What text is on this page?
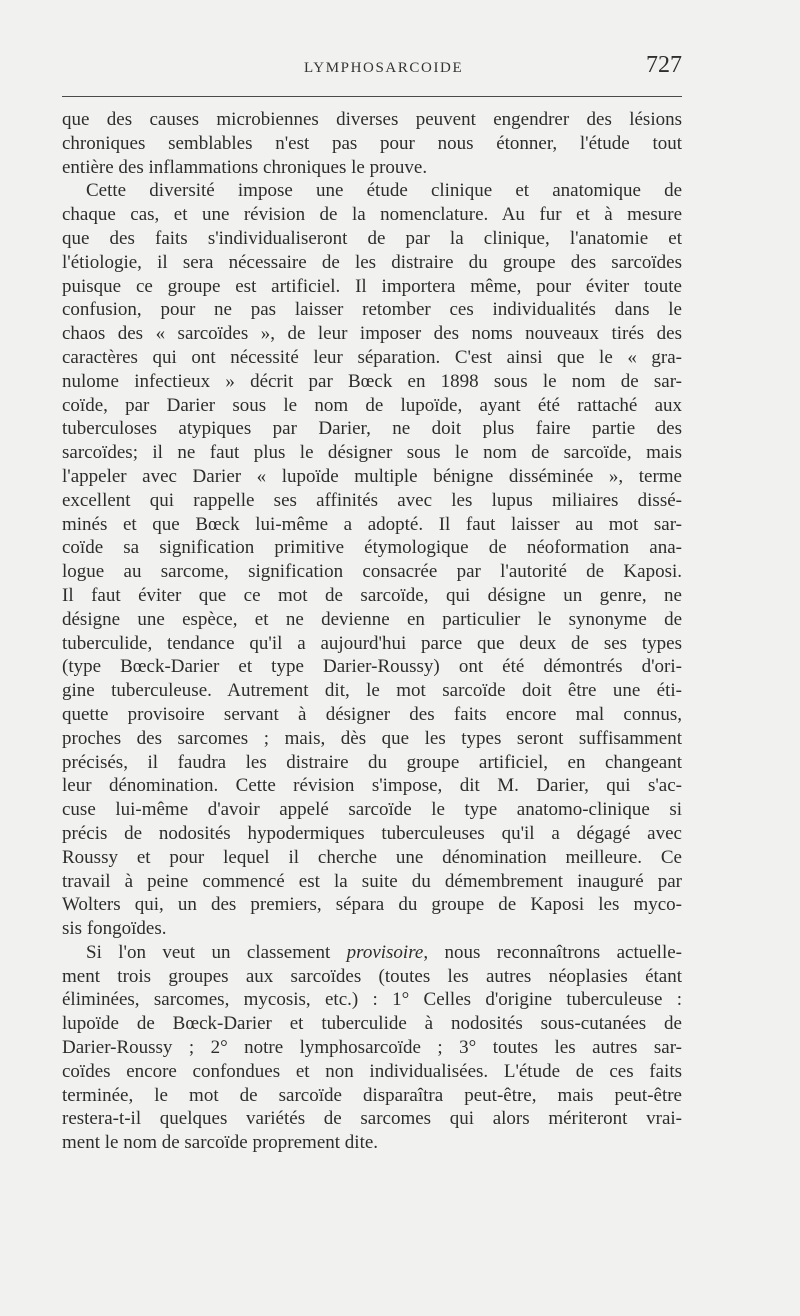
LYMPHOSARCOIDE	727
que des causes microbiennes diverses peuvent engendrer des lésions
chroniques semblables n'est pas pour nous étonner, l'étude tout
entière des inflammations chroniques le prouve.
Cette diversité impose une étude clinique et anatomique de
chaque cas, et une révision de la nomenclature. Au fur et à mesure
que des faits s'individualiseront de par la clinique, l'anatomie et
l'étiologie, il sera nécessaire de les distraire du groupe des sarcoïdes
puisque ce groupe est artificiel. Il importera même, pour éviter toute
confusion, pour ne pas laisser retomber ces individualités dans le
chaos des « sarcoïdes », de leur imposer des noms nouveaux tirés des
caractères qui ont nécessité leur séparation. C'est ainsi que le « gra-
nulome infectieux » décrit par Bœck en 1898 sous le nom de sar-
coïde, par Darier sous le nom de lupoïde, ayant été rattaché aux
tuberculoses atypiques par Darier, ne doit plus faire partie des
sarcoïdes; il ne faut plus le désigner sous le nom de sarcoïde, mais
l'appeler avec Darier « lupoïde multiple bénigne disséminée », terme
excellent qui rappelle ses affinités avec les lupus miliaires dissé-
minés et que Bœck lui-même a adopté. Il faut laisser au mot sar-
coïde sa signification primitive étymologique de néoformation ana-
logue au sarcome, signification consacrée par l'autorité de Kaposi.
Il faut éviter que ce mot de sarcoïde, qui désigne un genre, ne
désigne une espèce, et ne devienne en particulier le synonyme de
tuberculide, tendance qu'il a aujourd'hui parce que deux de ses types
(type Bœck-Darier et type Darier-Roussy) ont été démontrés d'ori-
gine tuberculeuse. Autrement dit, le mot sarcoïde doit être une éti-
quette provisoire servant à désigner des faits encore mal connus,
proches des sarcomes ; mais, dès que les types seront suffisamment
précisés, il faudra les distraire du groupe artificiel, en changeant
leur dénomination. Cette révision s'impose, dit M. Darier, qui s'ac-
cuse lui-même d'avoir appelé sarcoïde le type anatomo-clinique si
précis de nodosités hypodermiques tuberculeuses qu'il a dégagé avec
Roussy et pour lequel il cherche une dénomination meilleure. Ce
travail à peine commencé est la suite du démembrement inauguré par
Wolters qui, un des premiers, sépara du groupe de Kaposi les myco-
sis fongoïdes.
Si l'on veut un classement provisoire, nous reconnaîtrons actuelle-
ment trois groupes aux sarcoïdes (toutes les autres néoplasies étant
éliminées, sarcomes, mycosis, etc.) : 1° Celles d'origine tuberculeuse :
lupoïde de Bœck-Darier et tuberculide à nodosités sous-cutanées de
Darier-Roussy ; 2° notre lymphosarcoïde ; 3° toutes les autres sar-
coïdes encore confondues et non individualisées. L'étude de ces faits
terminée, le mot de sarcoïde disparaîtra peut-être, mais peut-être
restera-t-il quelques variétés de sarcomes qui alors mériteront vrai-
ment le nom de sarcoïde proprement dite.
